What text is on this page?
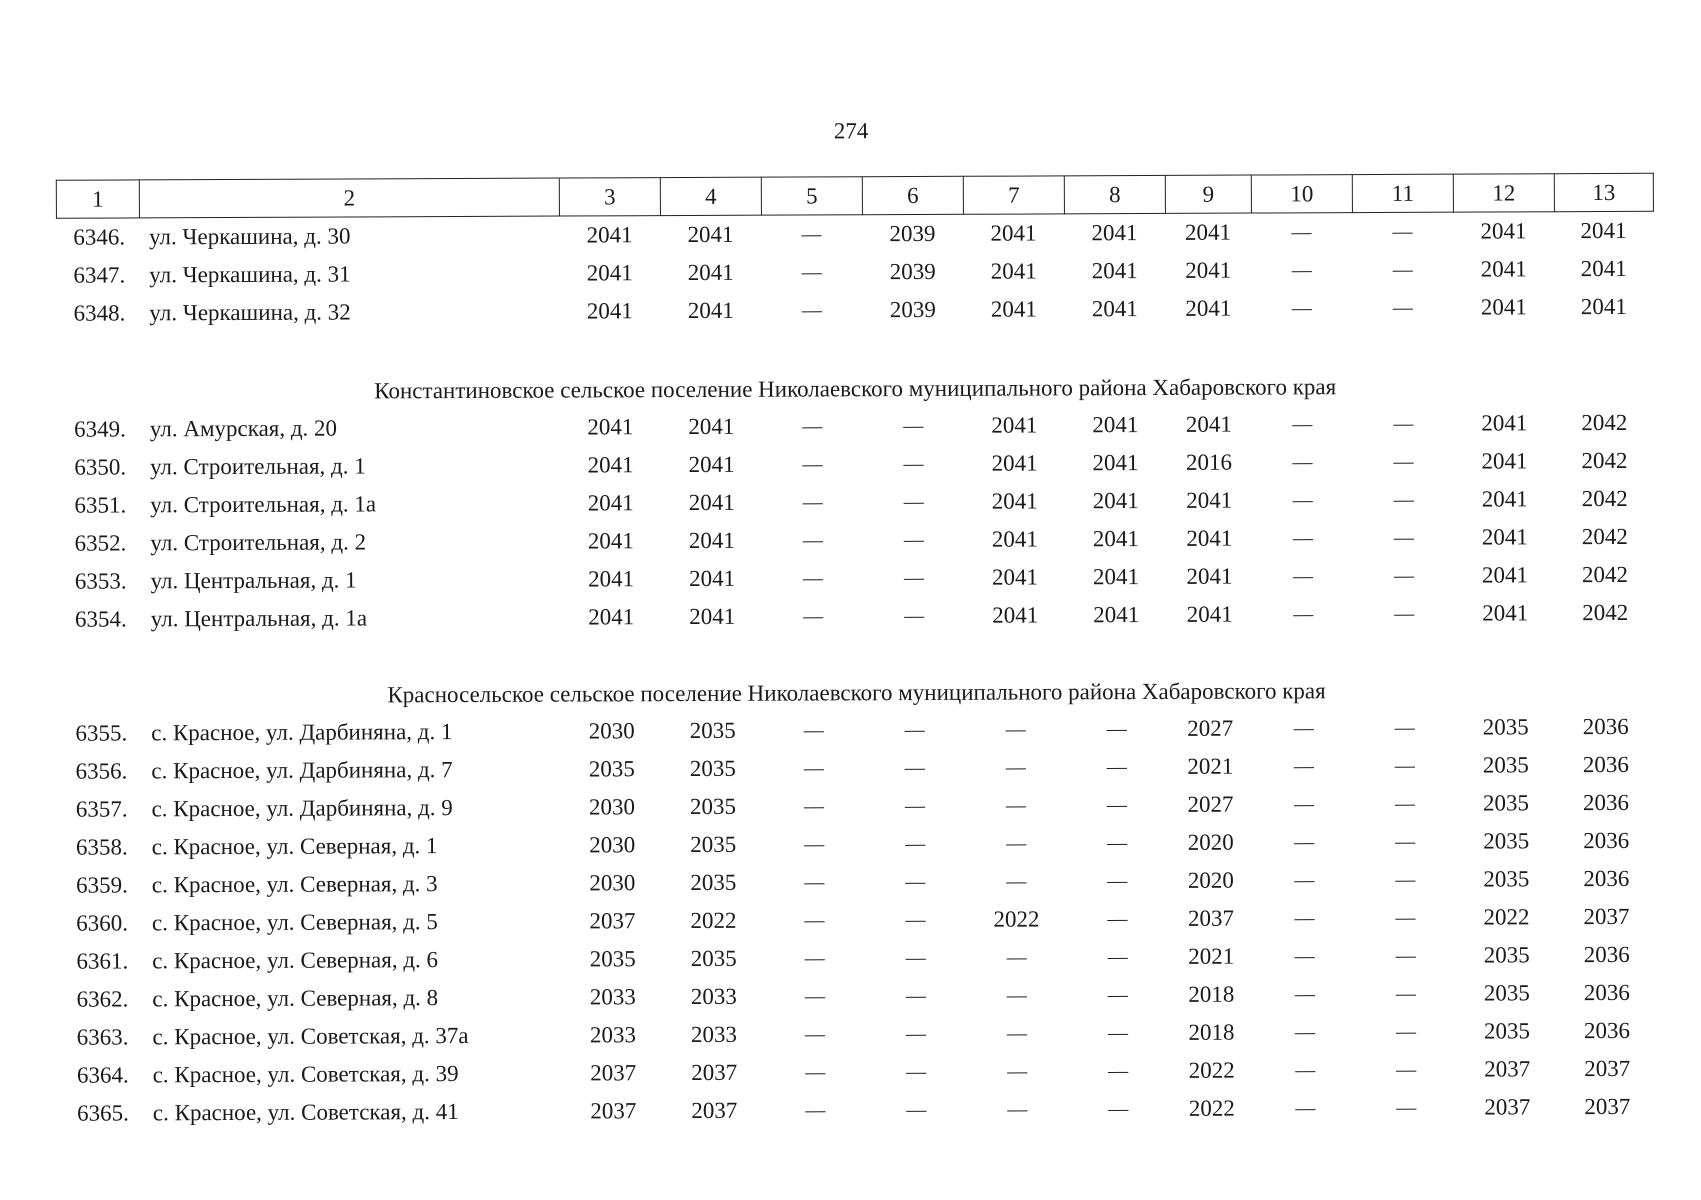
274
1	2	3	4	5	6	7	8	9	10	11	12	13
6346.	ул. Черкашина, д. 30	2041	2041	—	2039	2041	2041	2041	—	—	2041	2041
6347.	ул. Черкашина, д. 31	2041	2041	—	2039	2041	2041	2041	—	—	2041	2041
6348.	ул. Черкашина, д. 32	2041	2041	—	2039	2041	2041	2041	—	—	2041	2041
Константиновское сельское поселение Николаевского муниципального района Хабаровского края
6349.	ул. Амурская, д. 20	2041	2041	—	—	2041	2041	2041	—	—	2041	2042
6350.	ул. Строительная, д. 1	2041	2041	—	—	2041	2041	2016	—	—	2041	2042
6351.	ул. Строительная, д. 1а	2041	2041	—	—	2041	2041	2041	—	—	2041	2042
6352.	ул. Строительная, д. 2	2041	2041	—	—	2041	2041	2041	—	—	2041	2042
6353.	ул. Центральная, д. 1	2041	2041	—	—	2041	2041	2041	—	—	2041	2042
6354.	ул. Центральная, д. 1а	2041	2041	—	—	2041	2041	2041	—	—	2041	2042
Красносельское сельское поселение Николаевского муниципального района Хабаровского края
6355.	с. Красное, ул. Дарбиняна, д. 1	2030	2035	—	—	—	—	2027	—	—	2035	2036
6356.	с. Красное, ул. Дарбиняна, д. 7	2035	2035	—	—	—	—	2021	—	—	2035	2036
6357.	с. Красное, ул. Дарбиняна, д. 9	2030	2035	—	—	—	—	2027	—	—	2035	2036
6358.	с. Красное, ул. Северная, д. 1	2030	2035	—	—	—	—	2020	—	—	2035	2036
6359.	с. Красное, ул. Северная, д. 3	2030	2035	—	—	—	—	2020	—	—	2035	2036
6360.	с. Красное, ул. Северная, д. 5	2037	2022	—	—	2022	—	2037	—	—	2022	2037
6361.	с. Красное, ул. Северная, д. 6	2035	2035	—	—	—	—	2021	—	—	2035	2036
6362.	с. Красное, ул. Северная, д. 8	2033	2033	—	—	—	—	2018	—	—	2035	2036
6363.	с. Красное, ул. Советская, д. 37а	2033	2033	—	—	—	—	2018	—	—	2035	2036
6364.	с. Красное, ул. Советская, д. 39	2037	2037	—	—	—	—	2022	—	—	2037	2037
6365.	с. Красное, ул. Советская, д. 41	2037	2037	—	—	—	—	2022	—	—	2037	2037
